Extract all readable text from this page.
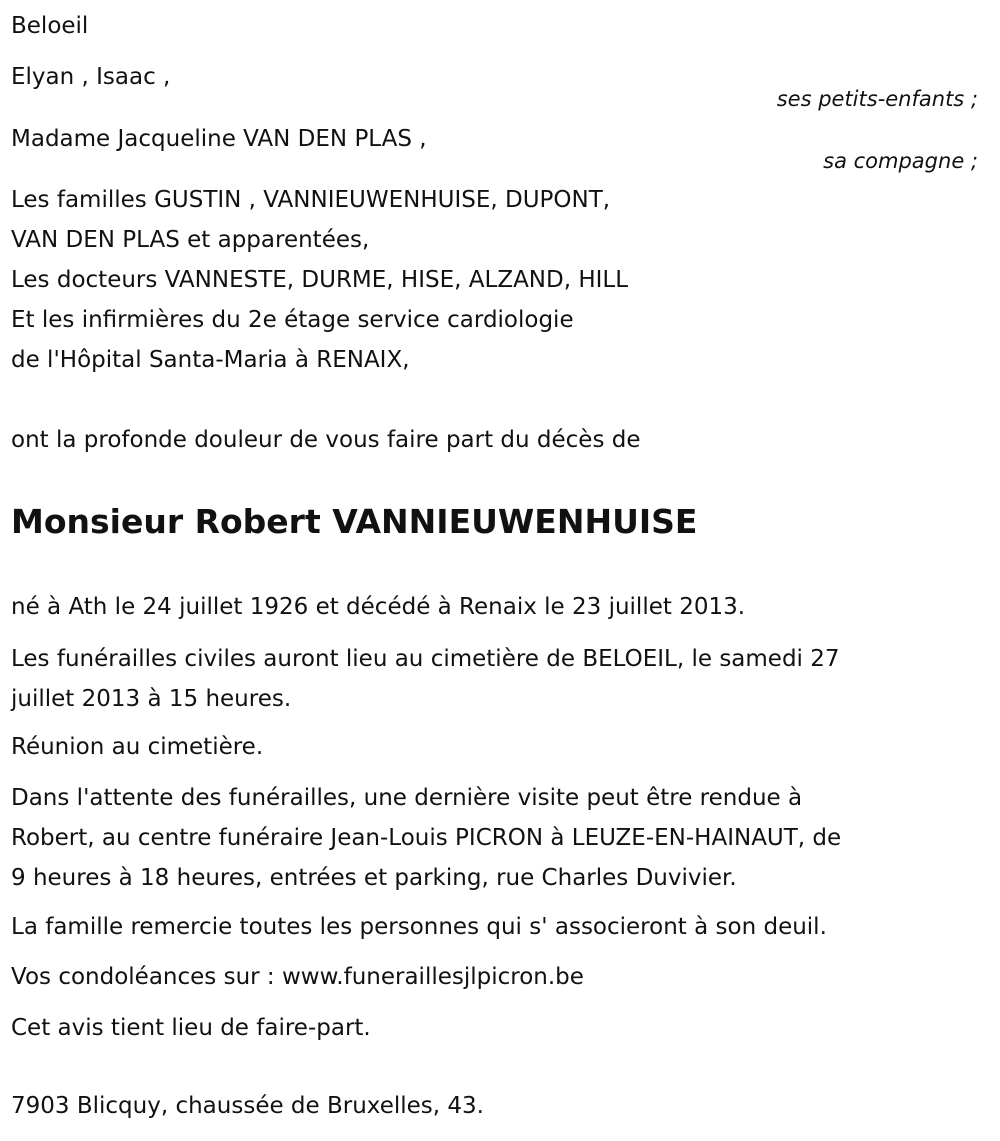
Beloeil
Elyan , Isaac ,
ses petits-enfants ;
Madame Jacqueline VAN DEN PLAS ,
sa compagne ;
Les familles GUSTIN , VANNIEUWENHUISE, DUPONT,
VAN DEN PLAS et apparentées,
Les docteurs VANNESTE, DURME, HISE, ALZAND, HILL
Et les infirmières du 2e étage service cardiologie
de l'Hôpital Santa-Maria à RENAIX,
ont la profonde douleur de vous faire part du décès de
Monsieur Robert VANNIEUWENHUISE
né à Ath le 24 juillet 1926 et décédé à Renaix le 23 juillet 2013.
Les funérailles civiles auront lieu au cimetière de BELOEIL, le samedi 27
juillet 2013 à 15 heures.
Réunion au cimetière.
Dans l'attente des funérailles, une dernière visite peut être rendue à
Robert, au centre funéraire Jean-Louis PICRON à LEUZE-EN-HAINAUT, de
9 heures à 18 heures, entrées et parking, rue Charles Duvivier.
La famille remercie toutes les personnes qui s' associeront à son deuil.
Vos condoléances sur : www.funeraillesjlpicron.be
Cet avis tient lieu de faire-part.
7903 Blicquy, chaussée de Bruxelles, 43.
